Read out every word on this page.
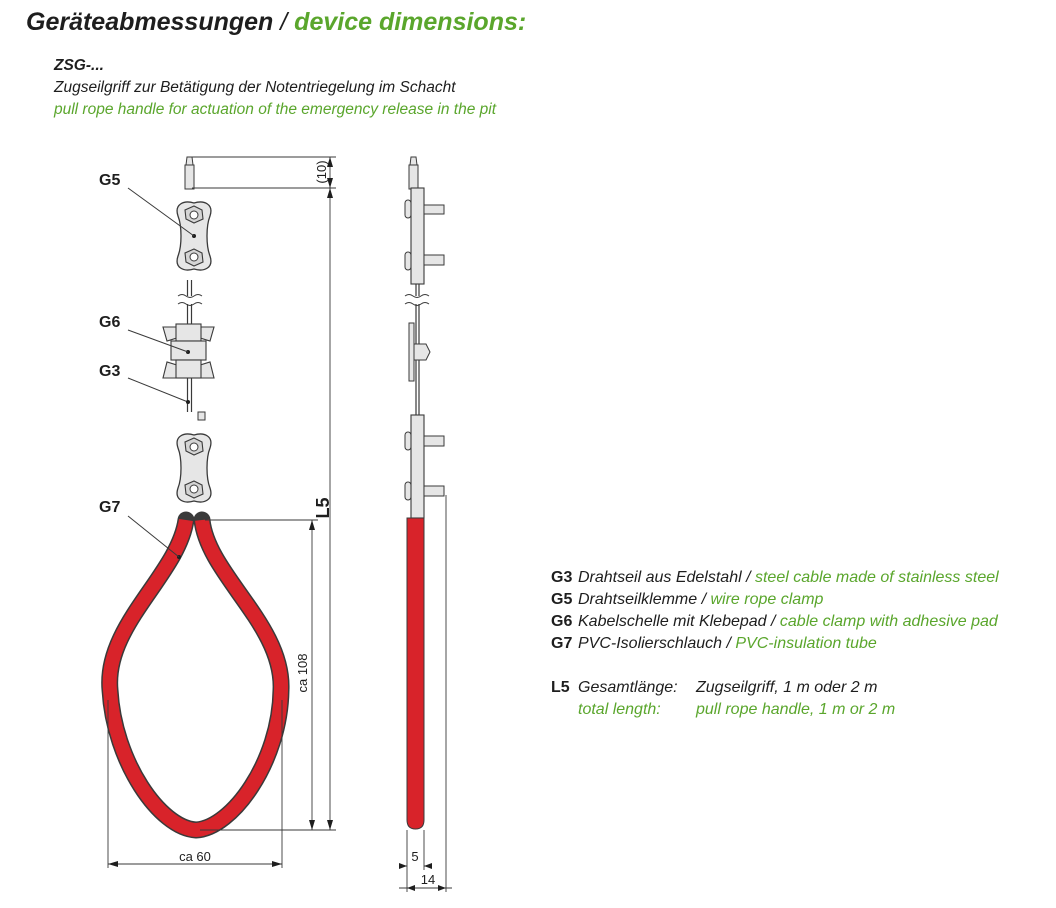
Geräteabmessungen / device dimensions:
ZSG-...
Zugseilgriff zur Betätigung der Notentriegelung im Schacht
pull rope handle for actuation of the emergency release in the pit
G5
G6
G3
G7
(10)
L5
ca 108
ca 60	5
14
G3 Drahtseil aus Edelstahl / steel cable made of stainless steel
G5 Drahtseilklemme / wire rope clamp
G6 Kabelschelle mit Klebepad / cable clamp with adhesive pad
G7 PVC-Isolierschlauch / PVC-insulation tube
L5 Gesamtlänge: Zugseilgriff, 1 m oder 2 m
total length: pull rope handle, 1 m or 2 m
